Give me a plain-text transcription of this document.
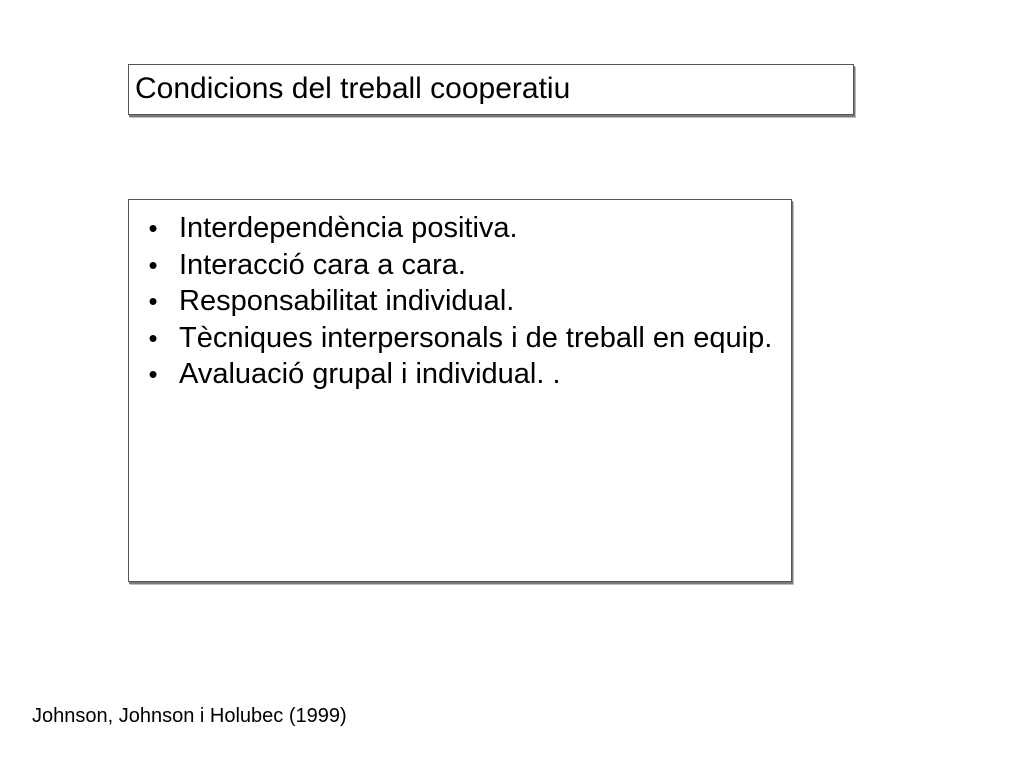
Condicions del treball cooperatiu
• Interdependència positiva.
• Interacció cara a cara.
• Responsabilitat individual.
• Tècniques interpersonals i de treball en equip.
• Avaluació grupal i individual. .
Johnson, Johnson i Holubec (1999)
